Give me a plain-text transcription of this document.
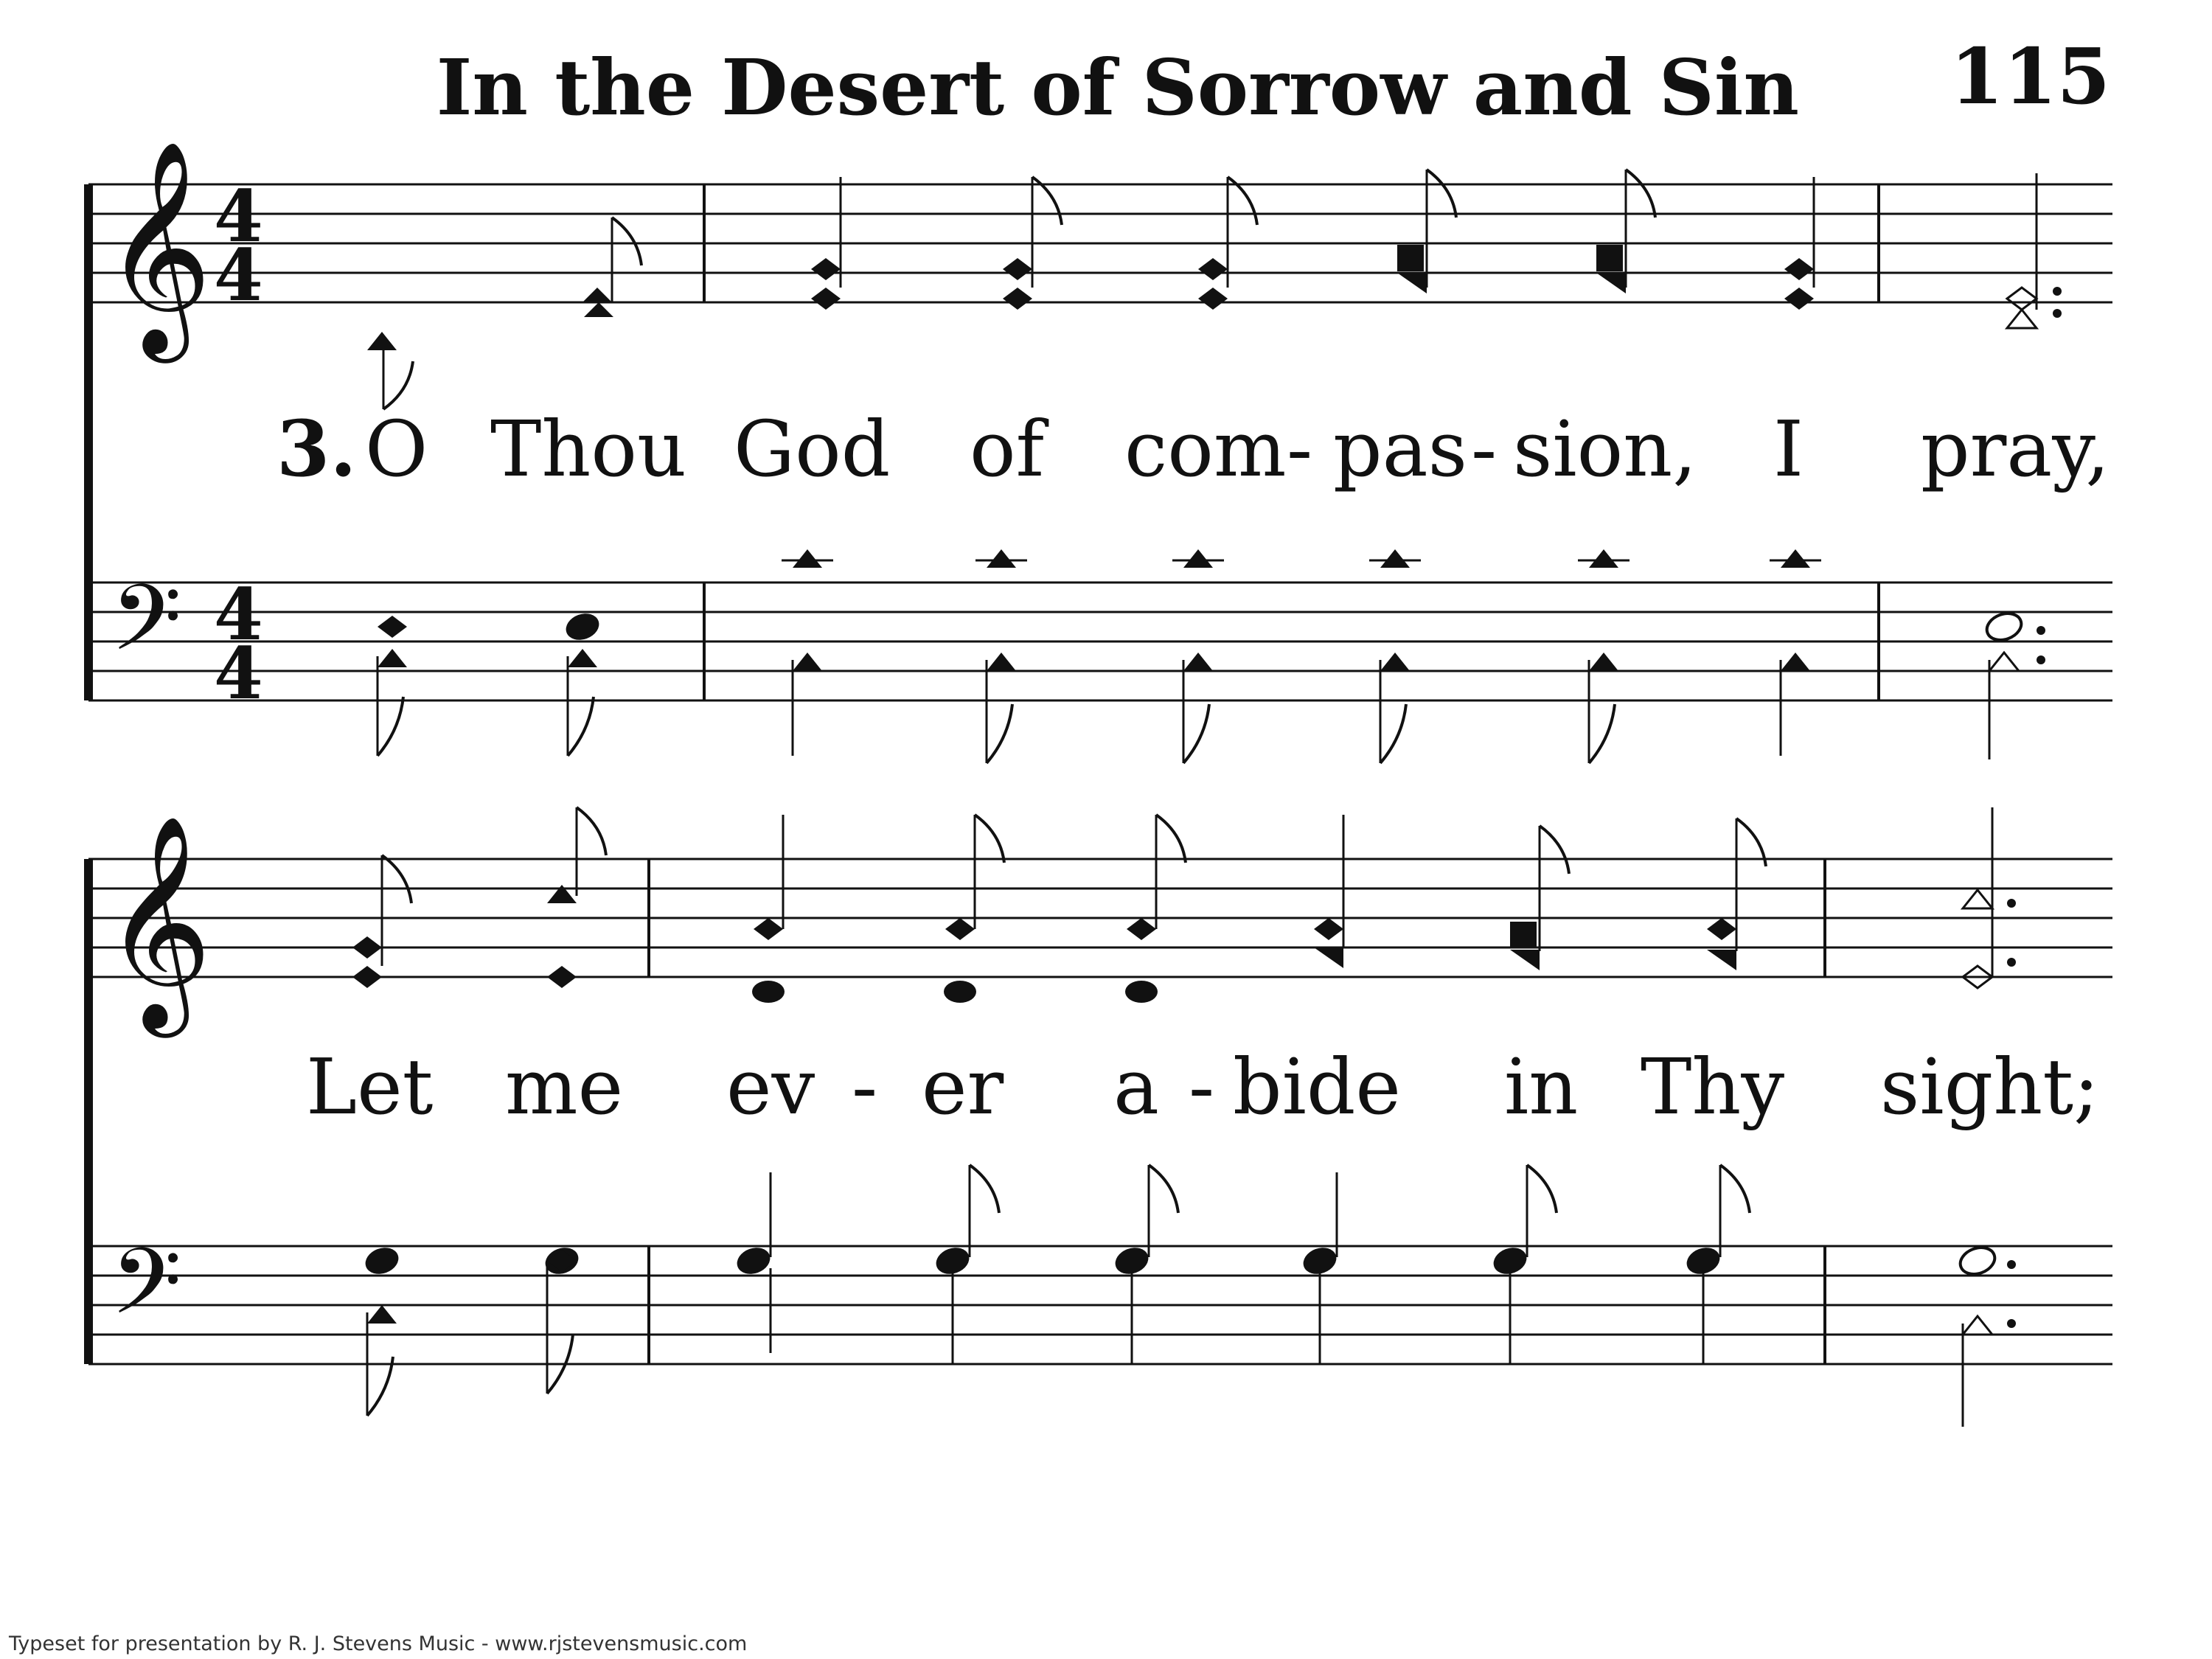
In the Desert of Sorrow and Sin 115
𝄞 4
4
3. O Thou God of com - pas - sion, I pray,
𝄢 4
4
𝄞
Let me ev - er a - bide in Thy sight;
𝄢
Typeset for presentation by R. J. Stevens Music - www.rjstevensmusic.com
